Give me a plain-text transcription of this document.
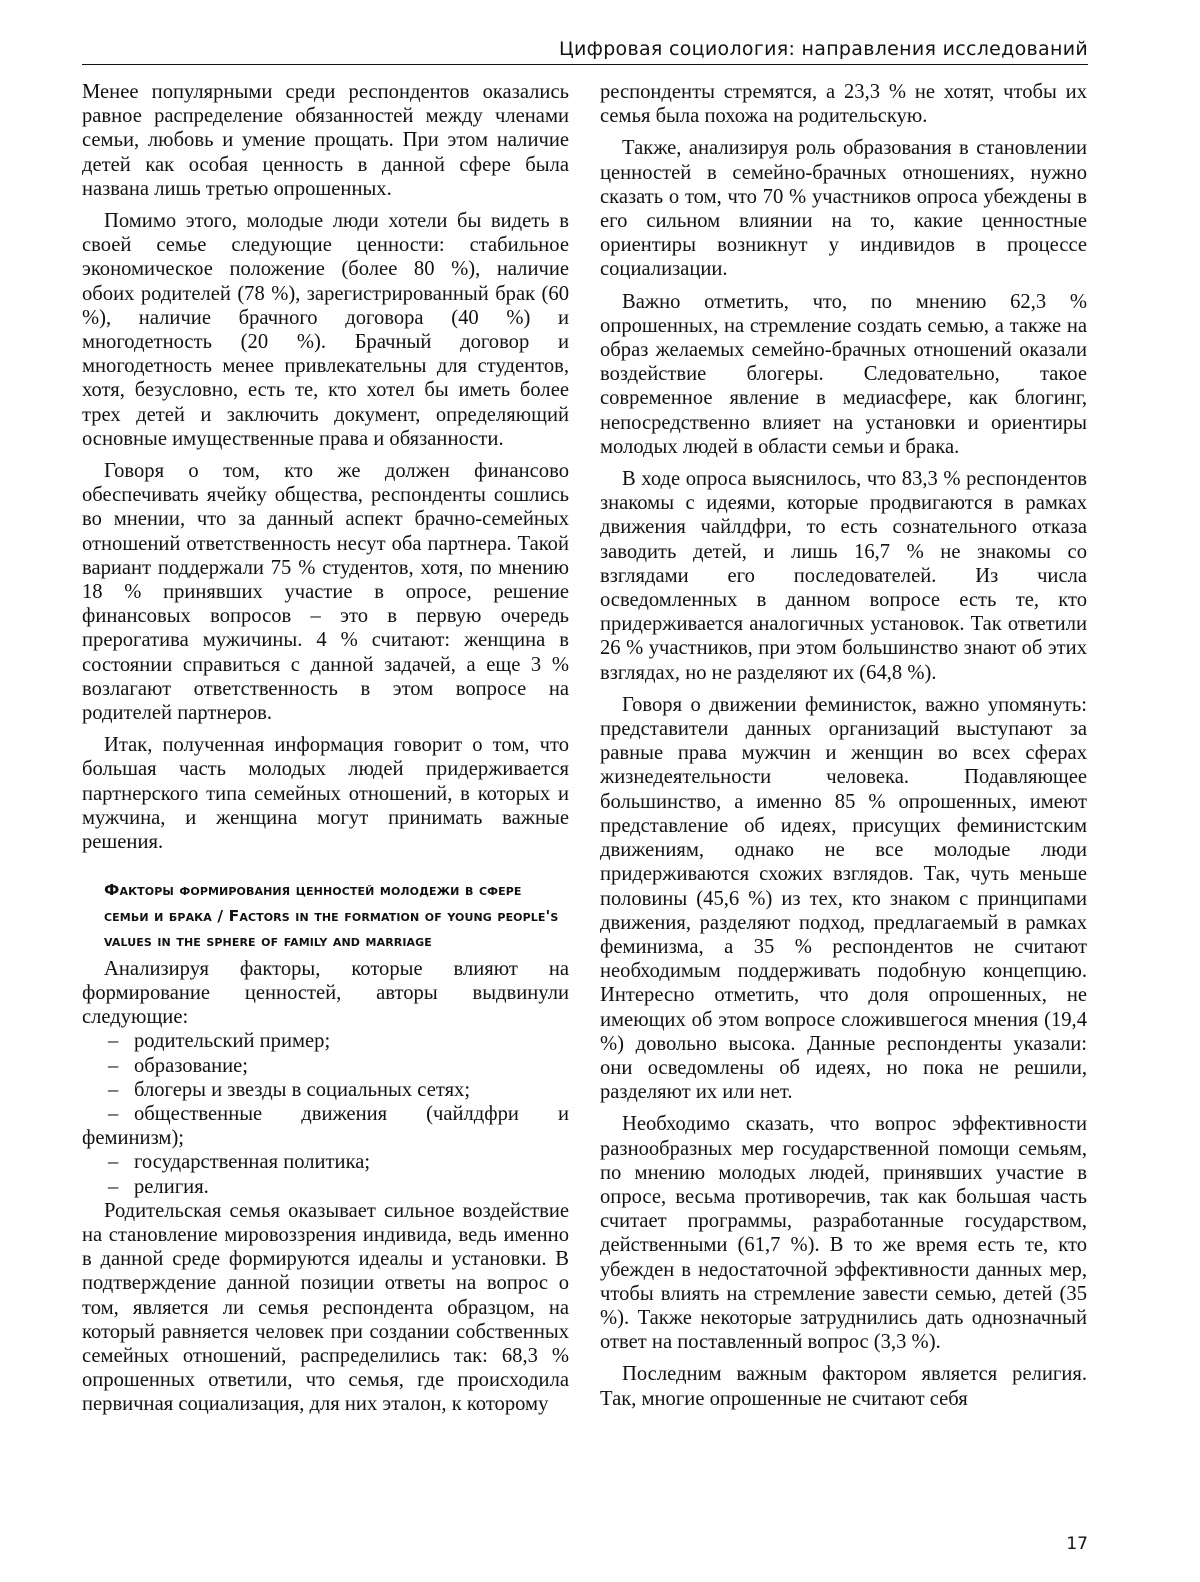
Цифровая социология: направления исследований

Менее популярными среди респондентов оказались равное распределение обязанностей между членами семьи, любовь и умение прощать. При этом наличие детей как особая ценность в данной сфере была названа лишь третью опрошенных.

Помимо этого, молодые люди хотели бы видеть в своей семье следующие ценности: стабильное экономическое положение (более 80 %), наличие обоих родителей (78 %), зарегистрированный брак (60 %), наличие брачного договора (40 %) и многодетность (20 %). Брачный договор и многодетность менее привлекательны для студентов, хотя, безусловно, есть те, кто хотел бы иметь более трех детей и заключить документ, определяющий основные имущественные права и обязанности.

Говоря о том, кто же должен финансово обеспечивать ячейку общества, респонденты сошлись во мнении, что за данный аспект брачно-семейных отношений ответственность несут оба партнера. Такой вариант поддержали 75 % студентов, хотя, по мнению 18 % принявших участие в опросе, решение финансовых вопросов – это в первую очередь прерогатива мужичины. 4 % считают: женщина в состоянии справиться с данной задачей, а еще 3 % возлагают ответственность в этом вопросе на родителей партнеров.

Итак, полученная информация говорит о том, что большая часть молодых людей придерживается партнерского типа семейных отношений, в которых и мужчина, и женщина могут принимать важные решения.

Факторы формирования ценностей молодежи в сфере семьи и брака / Factors in the formation of young people's values in the sphere of family and marriage

Анализируя факторы, которые влияют на формирование ценностей, авторы выдвинули следующие:

– родительский пример;
– образование;
– блогеры и звезды в социальных сетях;
– общественные движения (чайлдфри и феминизм);
– государственная политика;
– религия.

Родительская семья оказывает сильное воздействие на становление мировоззрения индивида, ведь именно в данной среде формируются идеалы и установки. В подтверждение данной позиции ответы на вопрос о том, является ли семья респондента образцом, на который равняется человек при создании собственных семейных отношений, распределились так: 68,3 % опрошенных ответили, что семья, где происходила первичная социализация, для них эталон, к которому

респонденты стремятся, а 23,3 % не хотят, чтобы их семья была похожа на родительскую.

Также, анализируя роль образования в становлении ценностей в семейно-брачных отношениях, нужно сказать о том, что 70 % участников опроса убеждены в его сильном влиянии на то, какие ценностные ориентиры возникнут у индивидов в процессе социализации.

Важно отметить, что, по мнению 62,3 % опрошенных, на стремление создать семью, а также на образ желаемых семейно-брачных отношений оказали воздействие блогеры. Следовательно, такое современное явление в медиасфере, как блогинг, непосредственно влияет на установки и ориентиры молодых людей в области семьи и брака.

В ходе опроса выяснилось, что 83,3 % респондентов знакомы с идеями, которые продвигаются в рамках движения чайлдфри, то есть сознательного отказа заводить детей, и лишь 16,7 % не знакомы со взглядами его последователей. Из числа осведомленных в данном вопросе есть те, кто придерживается аналогичных установок. Так ответили 26 % участников, при этом большинство знают об этих взглядах, но не разделяют их (64,8 %).

Говоря о движении феминисток, важно упомянуть: представители данных организаций выступают за равные права мужчин и женщин во всех сферах жизнедеятельности человека. Подавляющее большинство, а именно 85 % опрошенных, имеют представление об идеях, присущих феминистским движениям, однако не все молодые люди придерживаются схожих взглядов. Так, чуть меньше половины (45,6 %) из тех, кто знаком с принципами движения, разделяют подход, предлагаемый в рамках феминизма, а 35 % респондентов не считают необходимым поддерживать подобную концепцию. Интересно отметить, что доля опрошенных, не имеющих об этом вопросе сложившегося мнения (19,4 %) довольно высока. Данные респонденты указали: они осведомлены об идеях, но пока не решили, разделяют их или нет.

Необходимо сказать, что вопрос эффективности разнообразных мер государственной помощи семьям, по мнению молодых людей, принявших участие в опросе, весьма противоречив, так как большая часть считает программы, разработанные государством, действенными (61,7 %). В то же время есть те, кто убежден в недостаточной эффективности данных мер, чтобы влиять на стремление завести семью, детей (35 %). Также некоторые затруднились дать однозначный ответ на поставленный вопрос (3,3 %).

Последним важным фактором является религия. Так, многие опрошенные не считают себя

17
